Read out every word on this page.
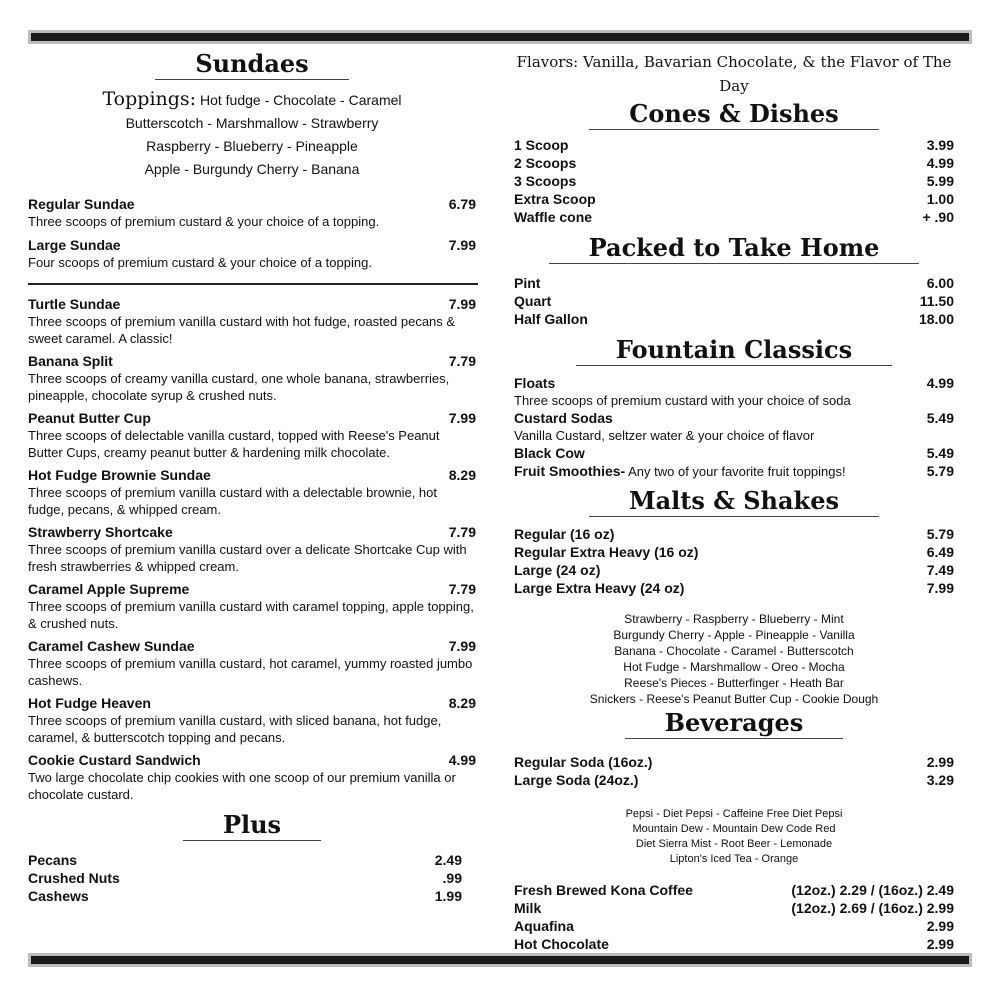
Sundaes
Toppings: Hot fudge - Chocolate - Caramel
Butterscotch - Marshmallow - Strawberry
Raspberry - Blueberry - Pineapple
Apple - Burgundy Cherry - Banana
Regular Sundae	6.79
Three scoops of premium custard & your choice of a topping.
Large Sundae	7.99
Four scoops of premium custard & your choice of a topping.
Turtle Sundae	7.99
Three scoops of premium vanilla custard with hot fudge, roasted pecans & sweet caramel. A classic!
Banana Split	7.79
Three scoops of creamy vanilla custard, one whole banana, strawberries, pineapple, chocolate syrup & crushed nuts.
Peanut Butter Cup	7.99
Three scoops of delectable vanilla custard, topped with Reese's Peanut Butter Cups, creamy peanut butter & hardening milk chocolate.
Hot Fudge Brownie Sundae	8.29
Three scoops of premium vanilla custard with a delectable brownie, hot fudge, pecans, & whipped cream.
Strawberry Shortcake	7.79
Three scoops of premium vanilla custard over a delicate Shortcake Cup with fresh strawberries & whipped cream.
Caramel Apple Supreme	7.79
Three scoops of premium vanilla custard with caramel topping, apple topping, & crushed nuts.
Caramel Cashew Sundae	7.99
Three scoops of premium vanilla custard, hot caramel, yummy roasted jumbo cashews.
Hot Fudge Heaven	8.29
Three scoops of premium vanilla custard, with sliced banana, hot fudge, caramel, & butterscotch topping and pecans.
Cookie Custard Sandwich	4.99
Two large chocolate chip cookies with one scoop of our premium vanilla or chocolate custard.
Plus
Pecans	2.49
Crushed Nuts	.99
Cashews	1.99
Flavors: Vanilla, Bavarian Chocolate, & the Flavor of The Day
Cones & Dishes
1 Scoop	3.99
2 Scoops	4.99
3 Scoops	5.99
Extra Scoop	1.00
Waffle cone	+ .90
Packed to Take Home
Pint	6.00
Quart	11.50
Half Gallon	18.00
Fountain Classics
Floats	4.99
Three scoops of premium custard with your choice of soda
Custard Sodas	5.49
Vanilla Custard, seltzer water & your choice of flavor
Black Cow	5.49
Fruit Smoothies- Any two of your favorite fruit toppings!	5.79
Malts & Shakes
Regular (16 oz)	5.79
Regular Extra Heavy (16 oz)	6.49
Large (24 oz)	7.49
Large Extra Heavy (24 oz)	7.99
Strawberry - Raspberry - Blueberry - Mint
Burgundy Cherry - Apple - Pineapple - Vanilla
Banana - Chocolate - Caramel - Butterscotch
Hot Fudge - Marshmallow - Oreo - Mocha
Reese's Pieces - Butterfinger - Heath Bar
Snickers - Reese's Peanut Butter Cup - Cookie Dough
Beverages
Regular Soda (16oz.)	2.99
Large Soda (24oz.)	3.29
Pepsi - Diet Pepsi - Caffeine Free Diet Pepsi
Mountain Dew - Mountain Dew Code Red
Diet Sierra Mist - Root Beer - Lemonade
Lipton's Iced Tea - Orange
Fresh Brewed Kona Coffee	(12oz.) 2.29 / (16oz.) 2.49
Milk	(12oz.) 2.69 / (16oz.) 2.99
Aquafina	2.99
Hot Chocolate	2.99
